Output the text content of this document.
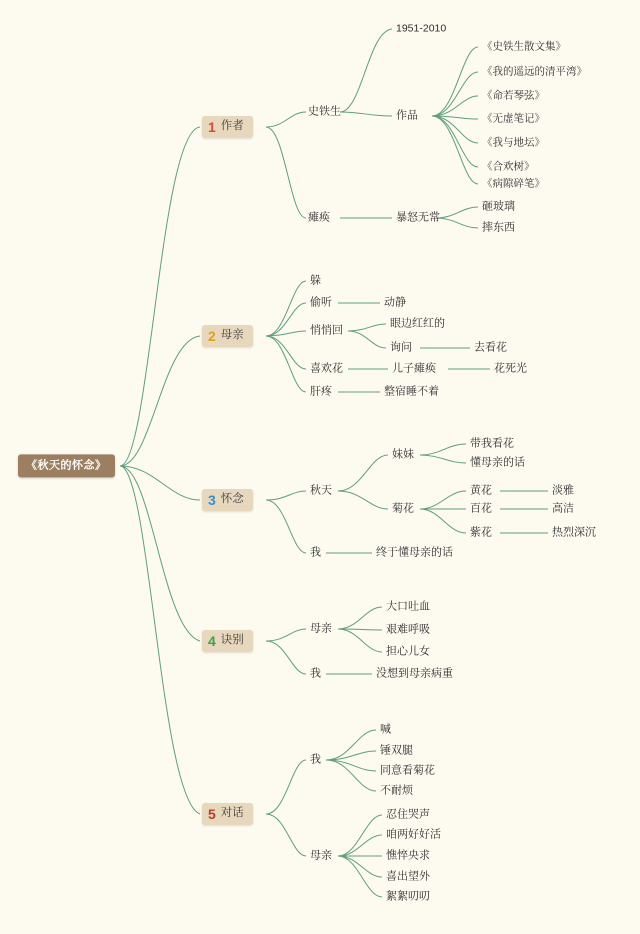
《秋天的怀念》
1 作者
史铁生
1951-2010
作品
《史铁生散文集》
《我的遥远的清平湾》
《命若琴弦》
《无虚笔记》
《我与地坛》
《合欢树》
《病隙碎笔》
瘫痪	暴怒无常
砸玻璃
摔东西
2 母亲
躲
偷听	动静
悄悄回
眼边红红的
询问	去看花
喜欢花	儿子瘫痪	花死光
肝疼	整宿睡不着
3 怀念
秋天
妹妹
带我看花
懂母亲的话
菊花
黄花	淡雅
百花	高洁
紫花	热烈深沉
我	终于懂母亲的话
4 诀别
母亲
大口吐血
艰难呼吸
担心儿女
我	没想到母亲病重
5 对话
我
喊
锤双腿
同意看菊花
不耐烦
母亲
忍住哭声
咱两好好活
憔悴央求
喜出望外
絮絮叨叨
